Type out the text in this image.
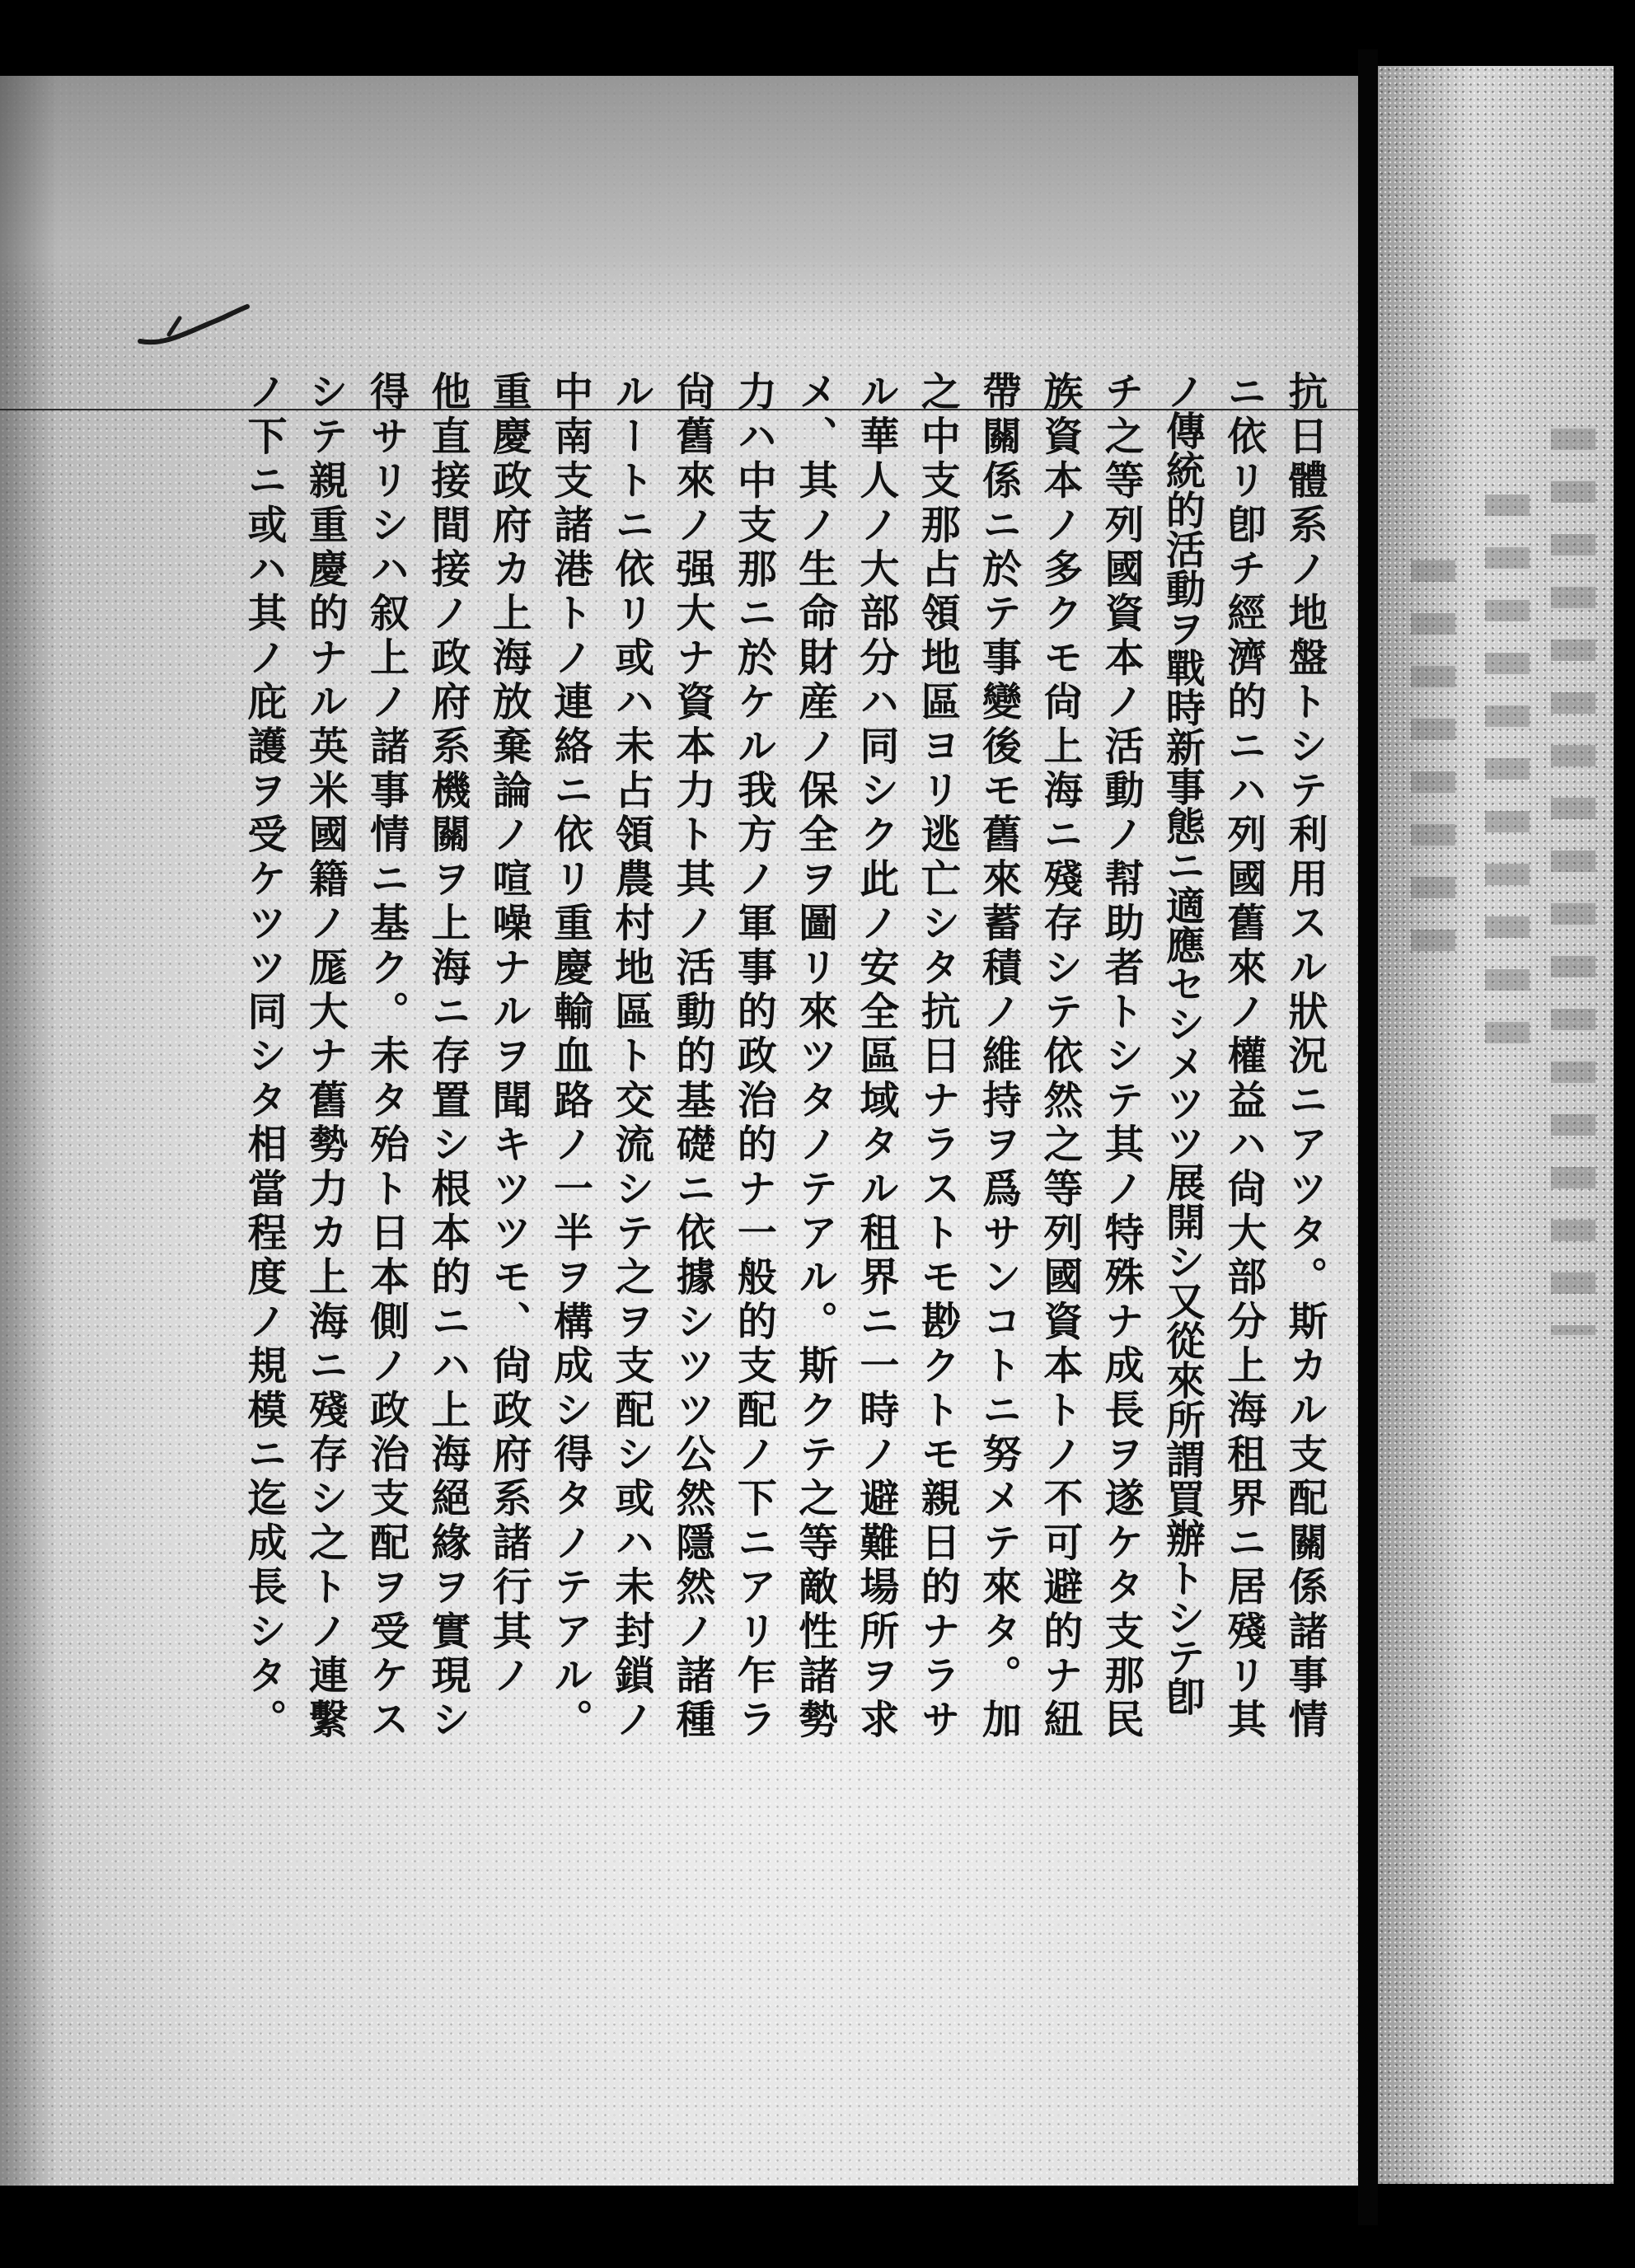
抗日體系ノ地盤トシテ利用スル狀況ニアツタ。斯カル支配關係諸事情
ニ依リ卽チ經濟的ニハ列國舊來ノ權益ハ尙大部分上海租界ニ居殘リ其
ノ傳統的活動ヲ戰時新事態ニ適應セシメツツ展開シ又從來所謂買辦トシテ卽
チ之等列國資本ノ活動ノ幇助者トシテ其ノ特殊ナ成長ヲ遂ケタ支那民
族資本ノ多クモ尙上海ニ殘存シテ依然之等列國資本トノ不可避的ナ紐
帶關係ニ於テ事變後モ舊來蓄積ノ維持ヲ爲サンコトニ努メテ來タ。加
之中支那占領地區ヨリ逃亡シタ抗日ナラストモ尠クトモ親日的ナラサ
ル華人ノ大部分ハ同シク此ノ安全區域タル租界ニ一時ノ避難場所ヲ求
メ、其ノ生命財産ノ保全ヲ圖リ來ツタノテアル。斯クテ之等敵性諸勢
力ハ中支那ニ於ケル我方ノ軍事的政治的ナ一般的支配ノ下ニアリ乍ラ
尙舊來ノ强大ナ資本力ト其ノ活動的基礎ニ依據シツツ公然隱然ノ諸種
ルートニ依リ或ハ未占領農村地區ト交流シテ之ヲ支配シ或ハ未封鎖ノ
中南支諸港トノ連絡ニ依リ重慶輸血路ノ一半ヲ構成シ得タノテアル。
重慶政府カ上海放棄論ノ喧噪ナルヲ聞キツツモ、尙政府系諸行其ノ
他直接間接ノ政府系機關ヲ上海ニ存置シ根本的ニハ上海絕緣ヲ實現シ
得サリシハ叙上ノ諸事情ニ基ク。未タ殆ト日本側ノ政治支配ヲ受ケス
シテ親重慶的ナル英米國籍ノ厖大ナ舊勢力カ上海ニ殘存シ之トノ連繫
ノ下ニ或ハ其ノ庇護ヲ受ケツツ同シタ相當程度ノ規模ニ迄成長シタ。
